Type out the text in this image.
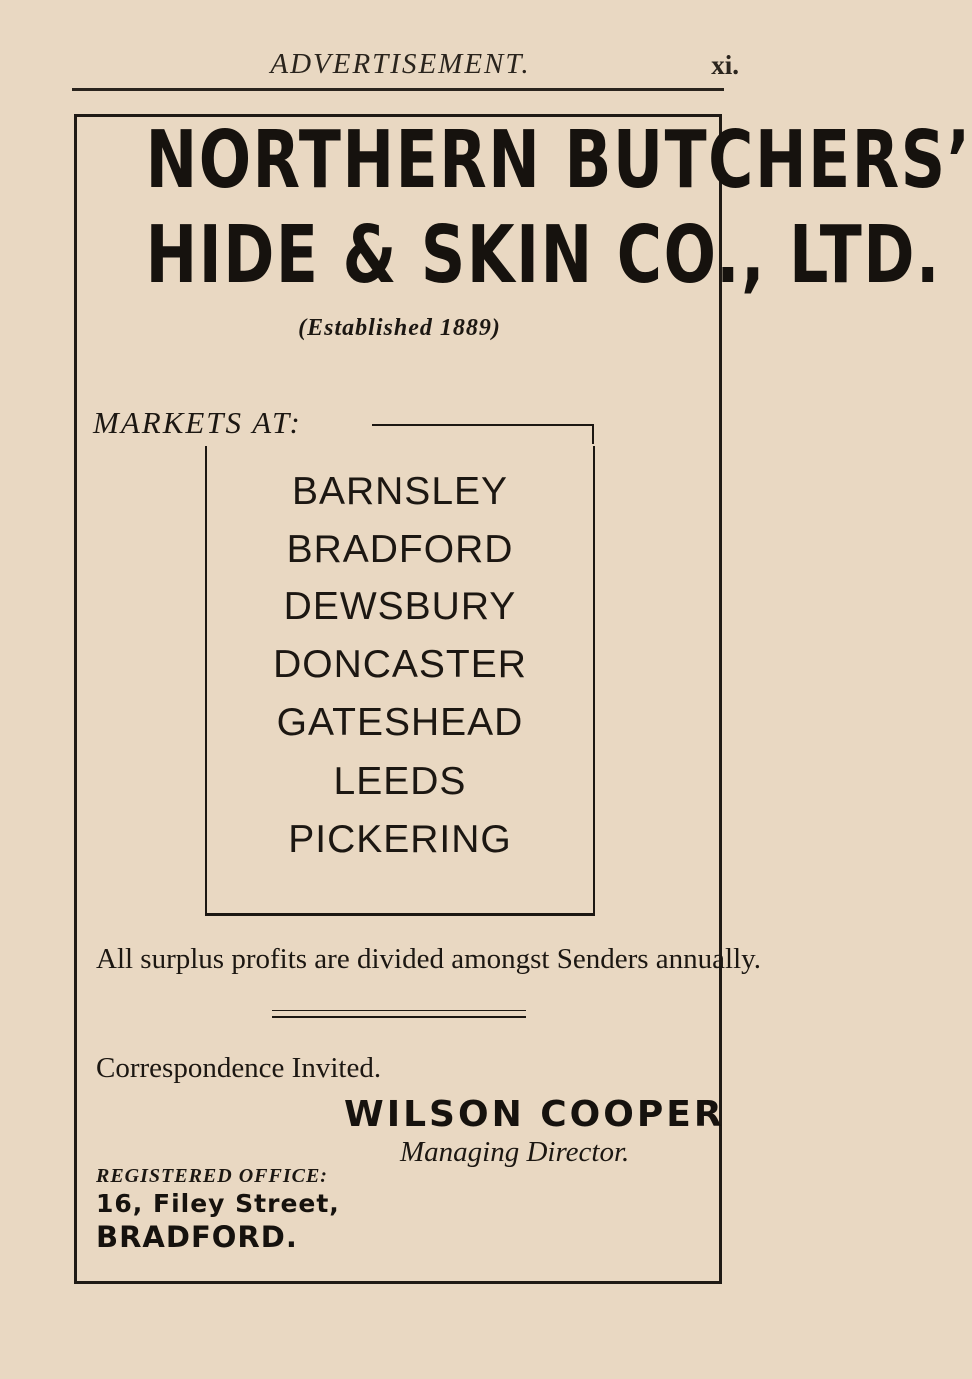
ADVERTISEMENT.	xi.
NORTHERN BUTCHERS’
HIDE & SKIN CO., LTD.
(Established 1889)
MARKETS AT:
BARNSLEY
BRADFORD
DEWSBURY
DONCASTER
GATESHEAD
LEEDS
PICKERING
All surplus profits are divided amongst Senders annually.
Correspondence Invited.
WILSON COOPER
Managing Director.
REGISTERED OFFICE:
16, Filey Street,
BRADFORD.
